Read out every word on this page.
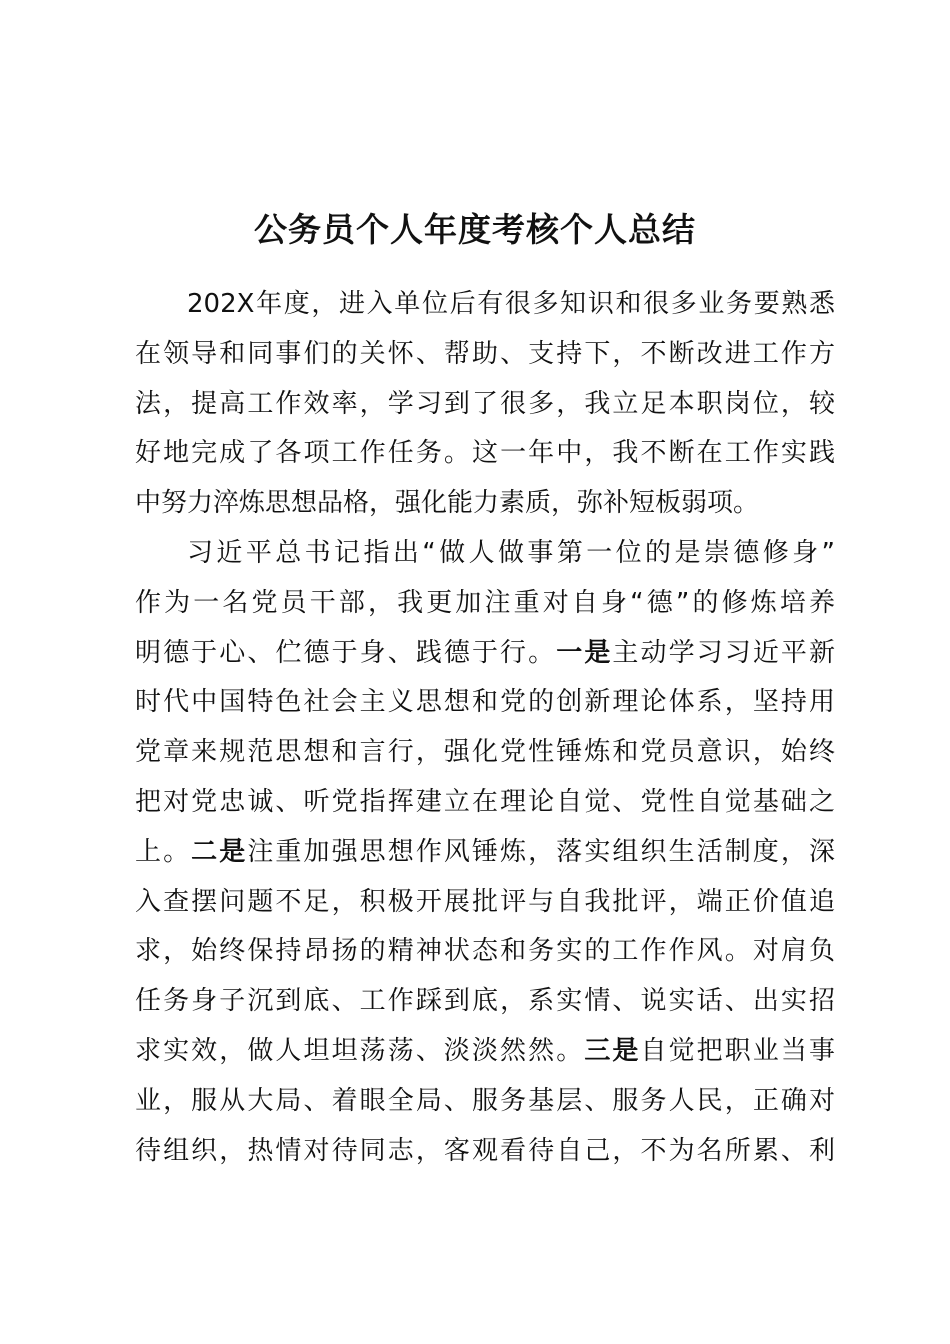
公务员个人年度考核个人总结
202X年度，进入单位后有很多知识和很多业务要熟悉
在领导和同事们的关怀、帮助、支持下，不断改进工作方
法，提高工作效率，学习到了很多，我立足本职岗位，较
好地完成了各项工作任务。这一年中，我不断在工作实践
中努力淬炼思想品格，强化能力素质，弥补短板弱项。
习近平总书记指出“做人做事第一位的是崇德修身”
作为一名党员干部，我更加注重对自身“德”的修炼培养
明德于心、伫德于身、践德于行。一是主动学习习近平新
时代中国特色社会主义思想和党的创新理论体系，坚持用
党章来规范思想和言行，强化党性锤炼和党员意识，始终
把对党忠诚、听党指挥建立在理论自觉、党性自觉基础之
上。二是注重加强思想作风锤炼，落实组织生活制度，深
入查摆问题不足，积极开展批评与自我批评，端正价值追
求，始终保持昂扬的精神状态和务实的工作作风。对肩负
任务身子沉到底、工作踩到底，系实情、说实话、出实招
求实效，做人坦坦荡荡、淡淡然然。三是自觉把职业当事
业，服从大局、着眼全局、服务基层、服务人民，正确对
待组织，热情对待同志，客观看待自己，不为名所累、利
